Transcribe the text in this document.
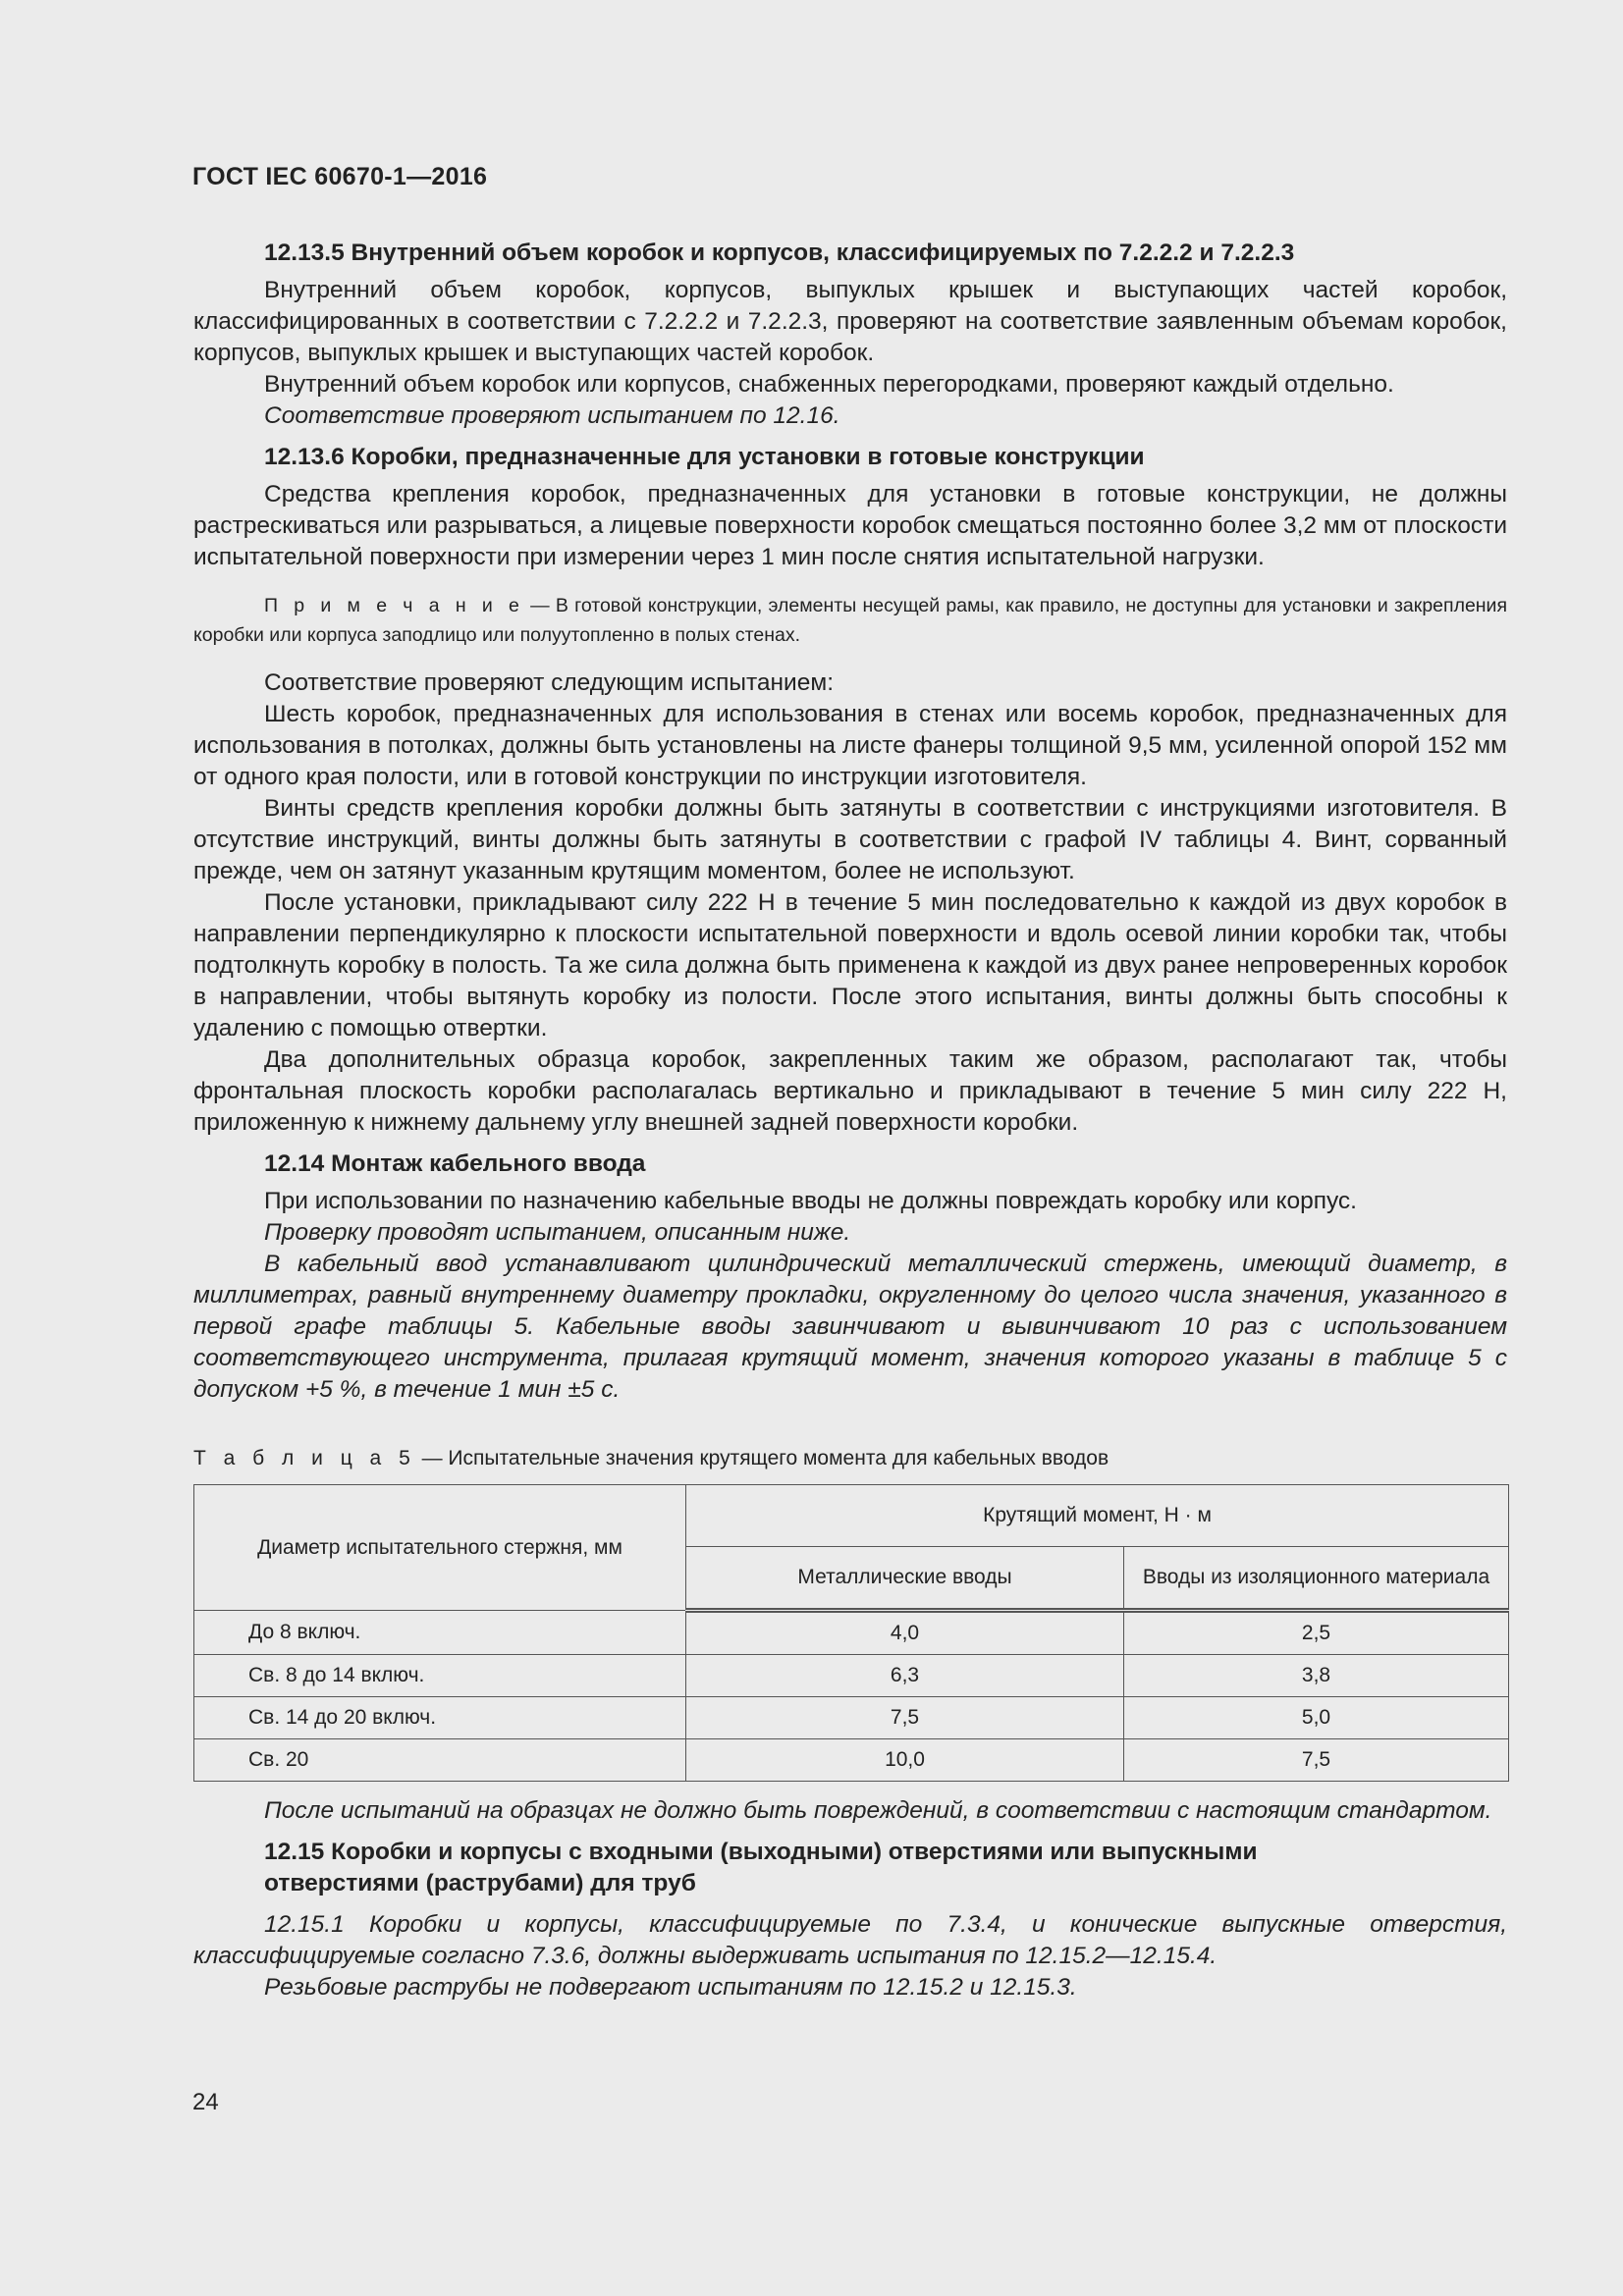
ГОСТ IEC 60670-1—2016
12.13.5 Внутренний объем коробок и корпусов, классифицируемых по 7.2.2.2 и 7.2.2.3

Внутренний объем коробок, корпусов, выпуклых крышек и выступающих частей коробок, классифицированных в соответствии с 7.2.2.2 и 7.2.2.3, проверяют на соответствие заявленным объемам коробок, корпусов, выпуклых крышек и выступающих частей коробок.

Внутренний объем коробок или корпусов, снабженных перегородками, проверяют каждый отдельно.

Соответствие проверяют испытанием по 12.16.

12.13.6 Коробки, предназначенные для установки в готовые конструкции

Средства крепления коробок, предназначенных для установки в готовые конструкции, не должны растрескиваться или разрываться, а лицевые поверхности коробок смещаться постоянно более 3,2 мм от плоскости испытательной поверхности при измерении через 1 мин после снятия испытательной нагрузки.

П р и м е ч а н и е — В готовой конструкции, элементы несущей рамы, как правило, не доступны для установки и закрепления коробки или корпуса заподлицо или полуутопленно в полых стенах.

Соответствие проверяют следующим испытанием:

Шесть коробок, предназначенных для использования в стенах или восемь коробок, предназначенных для использования в потолках, должны быть установлены на листе фанеры толщиной 9,5 мм, усиленной опорой 152 мм от одного края полости, или в готовой конструкции по инструкции изготовителя.

Винты средств крепления коробки должны быть затянуты в соответствии с инструкциями изготовителя. В отсутствие инструкций, винты должны быть затянуты в соответствии с графой IV таблицы 4. Винт, сорванный прежде, чем он затянут указанным крутящим моментом, более не используют.

После установки, прикладывают силу 222 Н в течение 5 мин последовательно к каждой из двух коробок в направлении перпендикулярно к плоскости испытательной поверхности и вдоль осевой линии коробки так, чтобы подтолкнуть коробку в полость. Та же сила должна быть применена к каждой из двух ранее непроверенных коробок в направлении, чтобы вытянуть коробку из полости. После этого испытания, винты должны быть способны к удалению с помощью отвертки.

Два дополнительных образца коробок, закрепленных таким же образом, располагают так, чтобы фронтальная плоскость коробки располагалась вертикально и прикладывают в течение 5 мин силу 222 Н, приложенную к нижнему дальнему углу внешней задней поверхности коробки.

12.14 Монтаж кабельного ввода

При использовании по назначению кабельные вводы не должны повреждать коробку или корпус.

Проверку проводят испытанием, описанным ниже.

В кабельный ввод устанавливают цилиндрический металлический стержень, имеющий диаметр, в миллиметрах, равный внутреннему диаметру прокладки, округленному до целого числа значения, указанного в первой графе таблицы 5. Кабельные вводы завинчивают и вывинчивают 10 раз с использованием соответствующего инструмента, прилагая крутящий момент, значения которого указаны в таблице 5 с допуском +5 %, в течение 1 мин ±5 с.

Т а б л и ц а 5 — Испытательные значения крутящего момента для кабельных вводов
Диаметр испытательного стержня, мм	Крутящий момент, Н · м	
	Металлические вводы	Вводы из изоляционного материала
До 8 включ.	4,0	2,5
Св. 8 до 14 включ.	6,3	3,8
Св. 14 до 20 включ.	7,5	5,0
Св. 20	10,0	7,5

После испытаний на образцах не должно быть повреждений, в соответствии с настоящим стандартом.

12.15 Коробки и корпусы с входными (выходными) отверстиями или выпускными
отверстиями (раструбами) для труб

12.15.1 Коробки и корпусы, классифицируемые по 7.3.4, и конические выпускные отверстия, классифицируемые согласно 7.3.6, должны выдерживать испытания по 12.15.2—12.15.4.

Резьбовые раструбы не подвергают испытаниям по 12.15.2 и 12.15.3.

24
